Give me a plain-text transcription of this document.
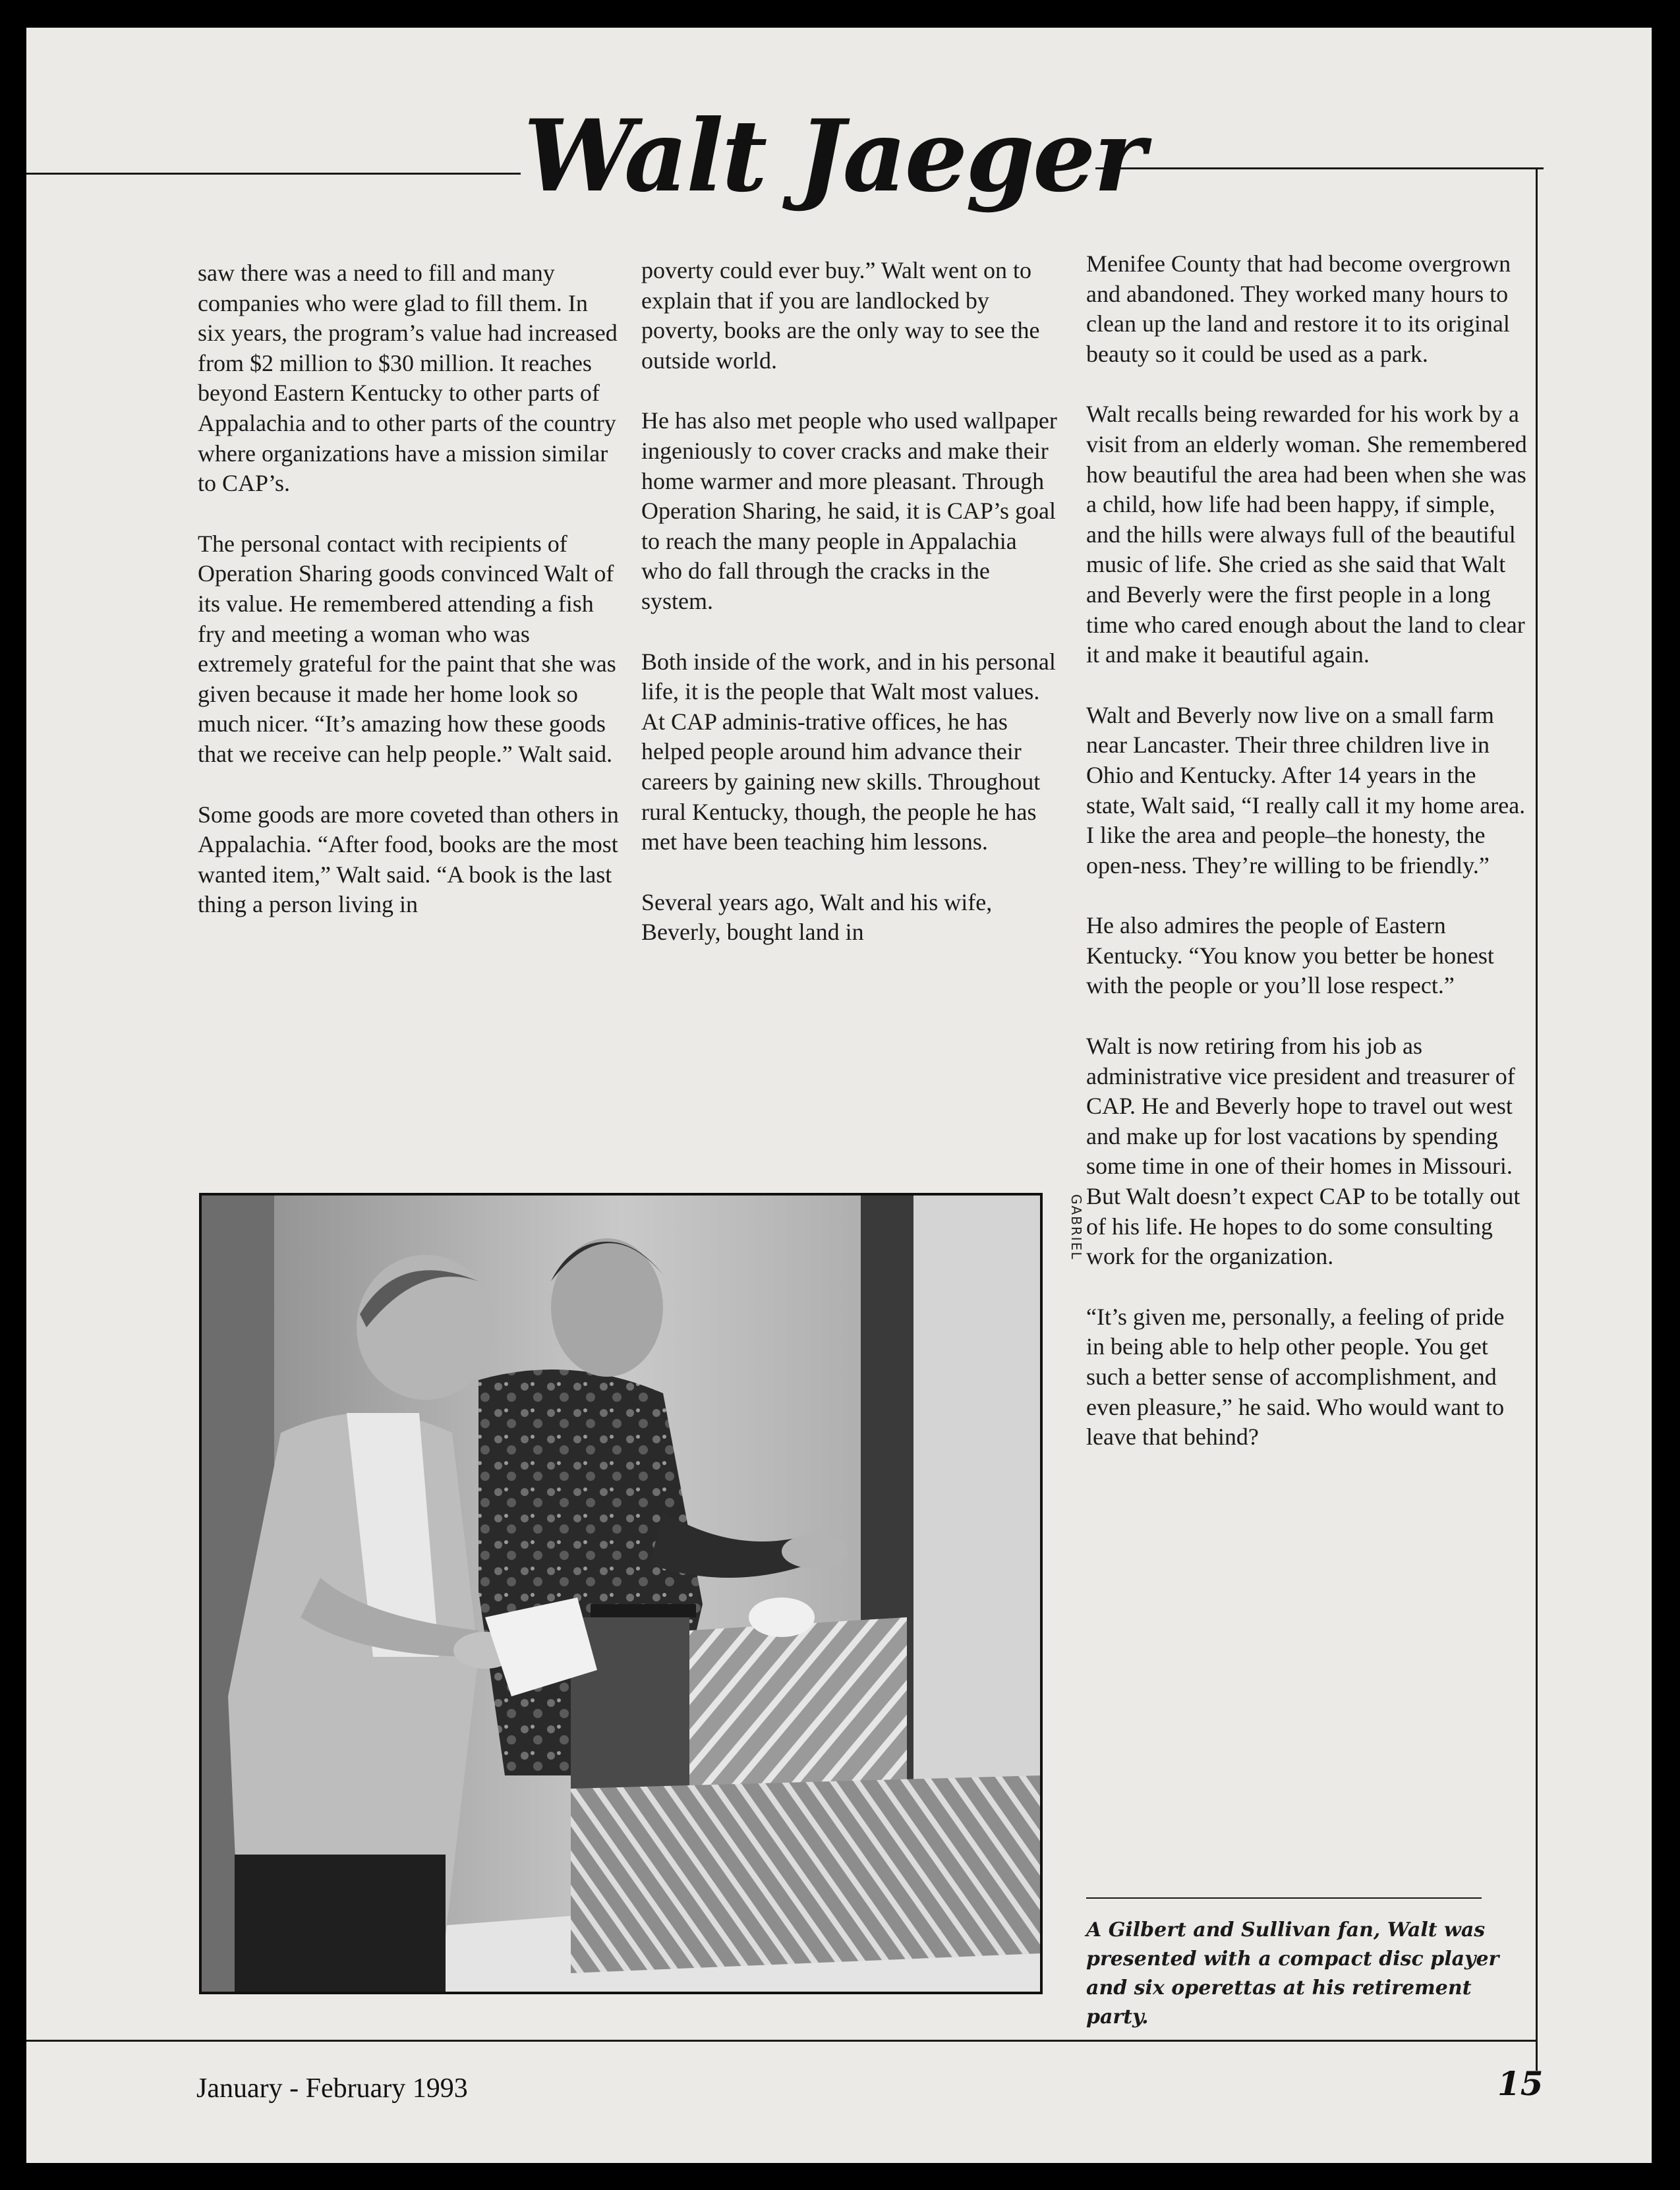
Walt Jaeger

saw there was a need to fill and many companies who were glad to fill them. In six years, the program’s value had increased from $2 million to $30 million. It reaches beyond Eastern Kentucky to other parts of Appalachia and to other parts of the country where organizations have a mission similar to CAP’s.

The personal contact with recipients of Operation Sharing goods convinced Walt of its value. He remembered attending a fish fry and meeting a woman who was extremely grateful for the paint that she was given because it made her home look so much nicer. “It’s amazing how these goods that we receive can help people.” Walt said.

Some goods are more coveted than others in Appalachia. “After food, books are the most wanted item,” Walt said. “A book is the last thing a person living in

poverty could ever buy.” Walt went on to explain that if you are landlocked by poverty, books are the only way to see the outside world.

He has also met people who used wallpaper ingeniously to cover cracks and make their home warmer and more pleasant. Through Operation Sharing, he said, it is CAP’s goal to reach the many people in Appalachia who do fall through the cracks in the system.

Both inside of the work, and in his personal life, it is the people that Walt most values. At CAP adminis-trative offices, he has helped people around him advance their careers by gaining new skills. Throughout rural Kentucky, though, the people he has met have been teaching him lessons.

Several years ago, Walt and his wife, Beverly, bought land in

Menifee County that had become overgrown and abandoned. They worked many hours to clean up the land and restore it to its original beauty so it could be used as a park.

Walt recalls being rewarded for his work by a visit from an elderly woman. She remembered how beautiful the area had been when she was a child, how life had been happy, if simple, and the hills were always full of the beautiful music of life. She cried as she said that Walt and Beverly were the first people in a long time who cared enough about the land to clear it and make it beautiful again.

Walt and Beverly now live on a small farm near Lancaster. Their three children live in Ohio and Kentucky. After 14 years in the state, Walt said, “I really call it my home area. I like the area and people–the honesty, the open-ness. They’re willing to be friendly.”

He also admires the people of Eastern Kentucky. “You know you better be honest with the people or you’ll lose respect.”

Walt is now retiring from his job as administrative vice president and treasurer of CAP. He and Beverly hope to travel out west and make up for lost vacations by spending some time in one of their homes in Missouri. But Walt doesn’t expect CAP to be totally out of his life. He hopes to do some consulting work for the organization.

“It’s given me, personally, a feeling of pride in being able to help other people. You get such a better sense of accomplishment, and even pleasure,” he said. Who would want to leave that behind?

GABRIEL
A Gilbert and Sullivan fan, Walt was presented with a compact disc player and six operettas at his retirement party.
January - February 1993	15
